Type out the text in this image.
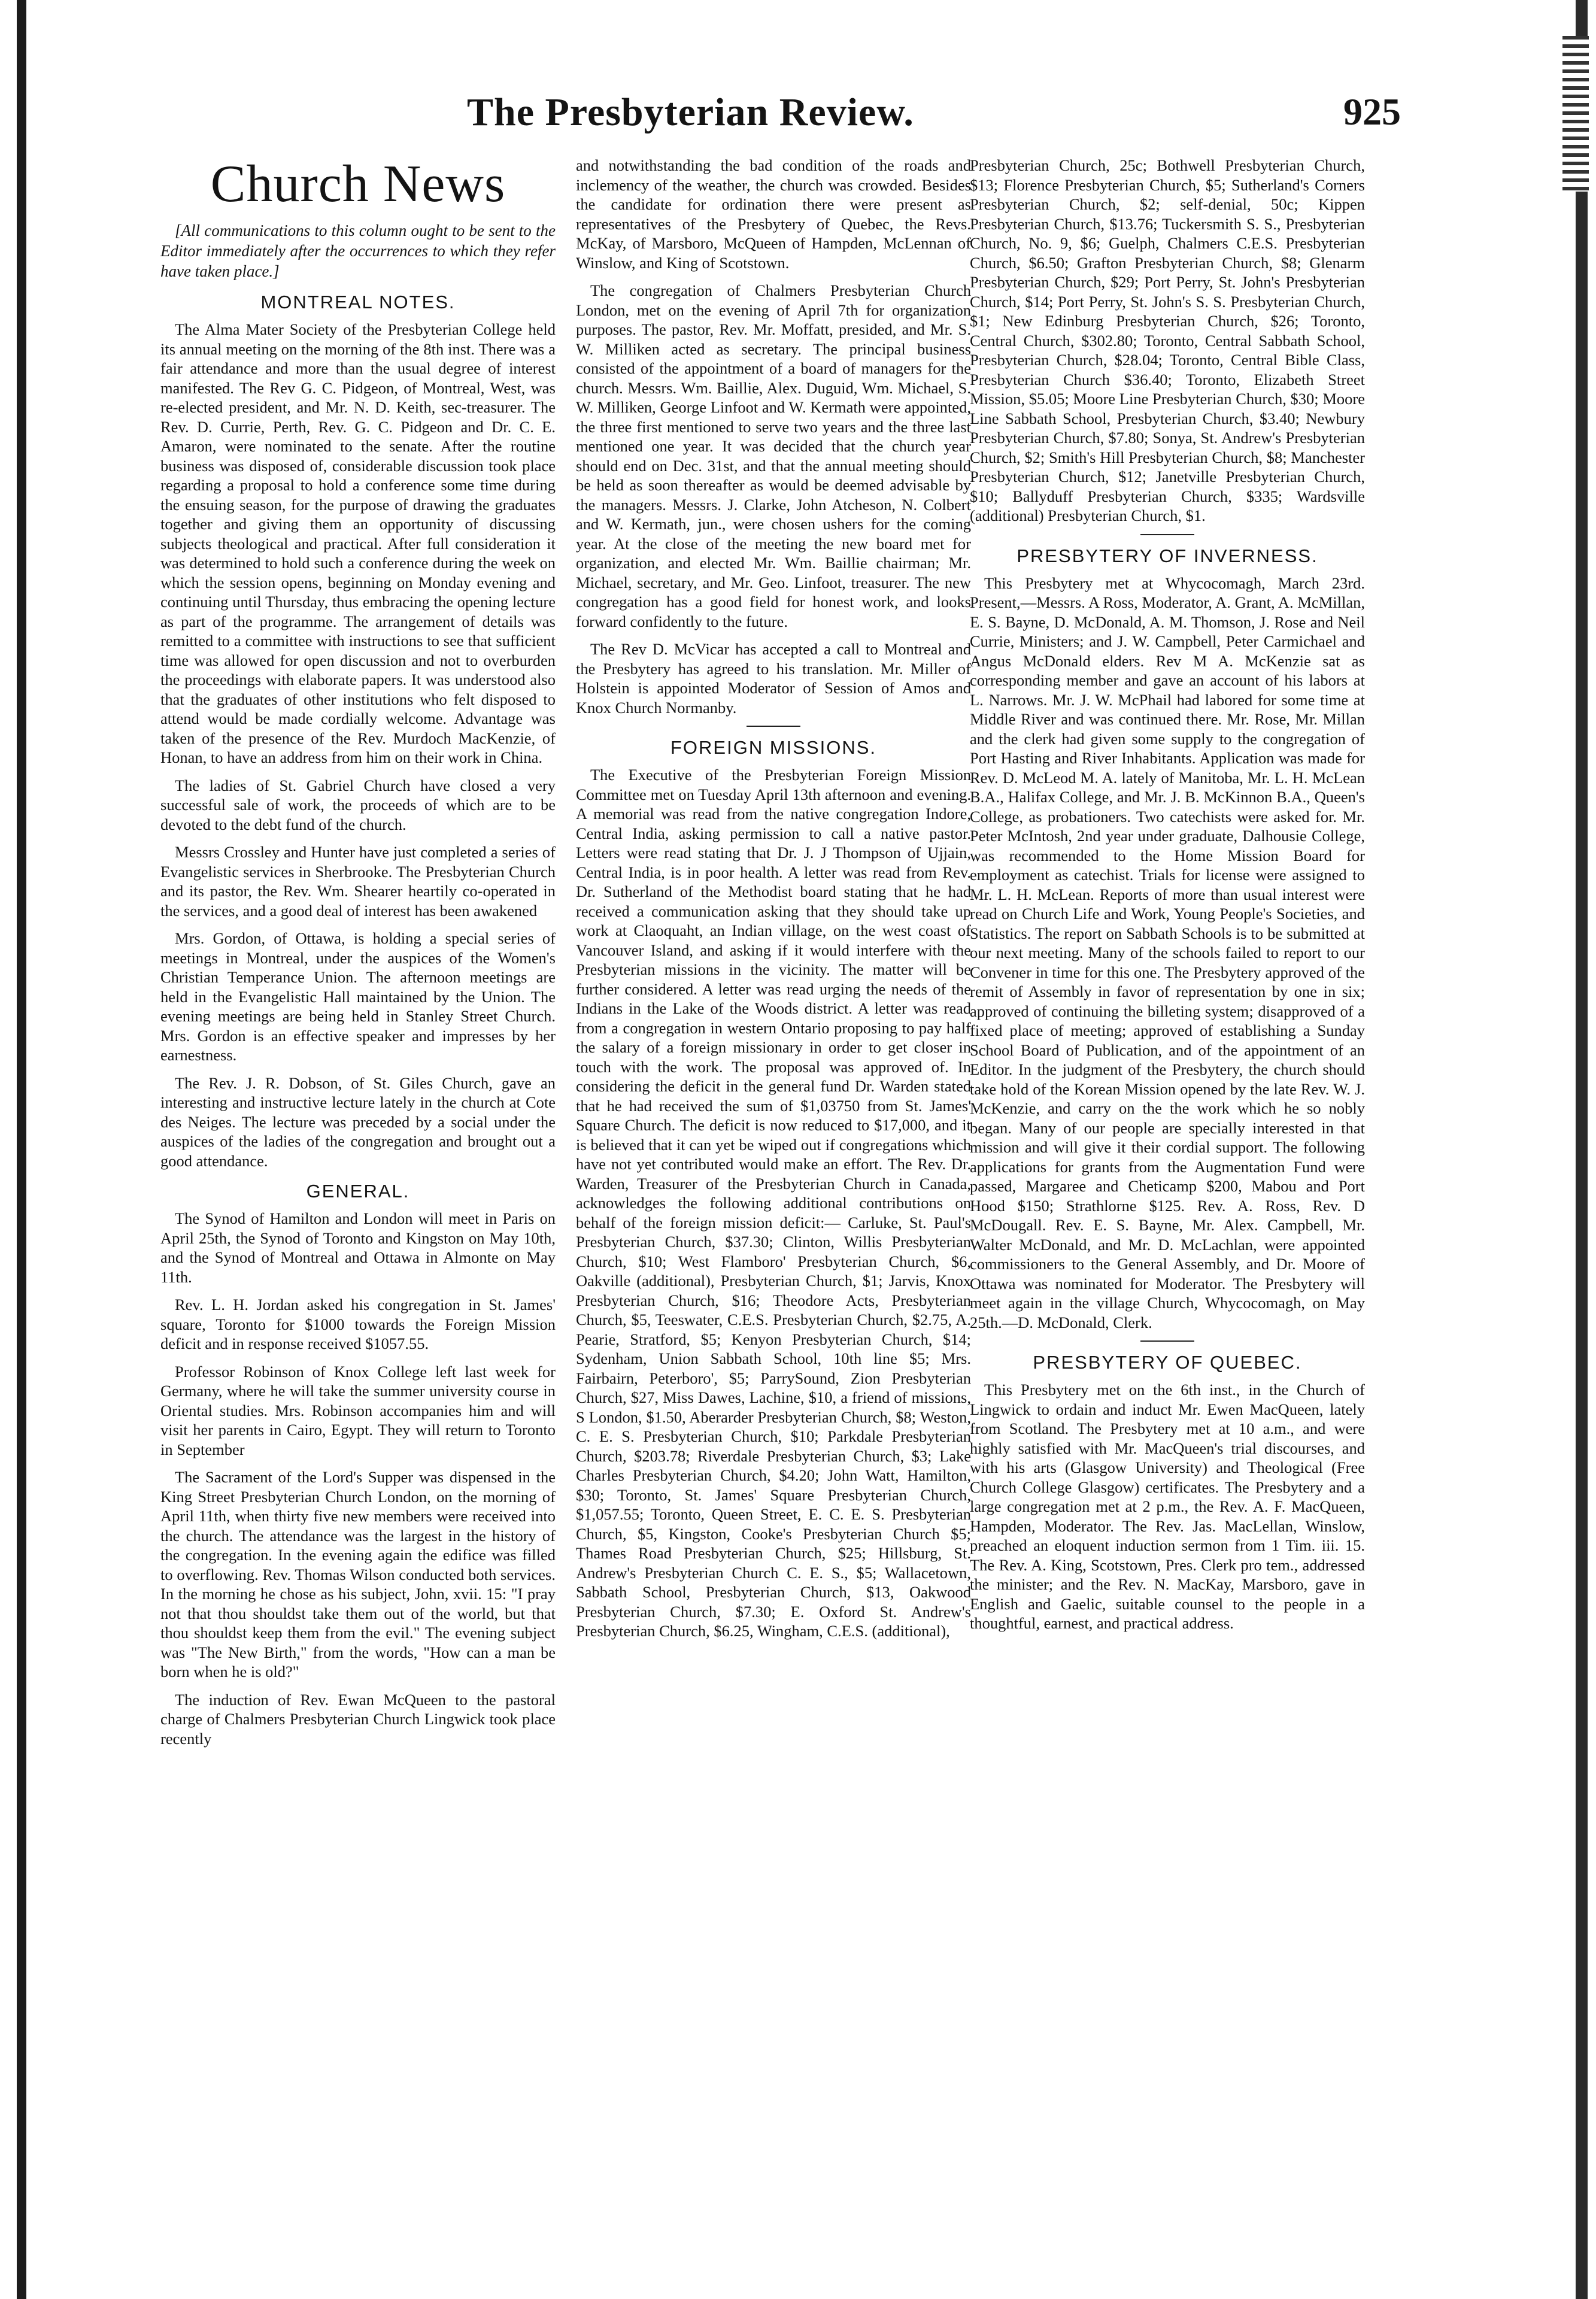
The Presbyterian Review.	925
Church News

[All communications to this column ought to be sent to the Editor immediately after the occurrences to which they refer have taken place.]

MONTREAL NOTES.

The Alma Mater Society of the Presbyterian College held its annual meeting on the morning of the 8th inst. There was a fair attendance and more than the usual degree of interest manifested. The Rev G. C. Pidgeon, of Montreal, West, was re-elected president, and Mr. N. D. Keith, sec-treasurer. The Rev. D. Currie, Perth, Rev. G. C. Pidgeon and Dr. C. E. Amaron, were nominated to the senate. After the routine business was disposed of, considerable discussion took place regarding a proposal to hold a conference some time during the ensuing season, for the purpose of drawing the graduates together and giving them an opportunity of discussing subjects theological and practical. After full consideration it was determined to hold such a conference during the week on which the session opens, beginning on Monday evening and continuing until Thursday, thus embracing the opening lecture as part of the programme. The arrangement of details was remitted to a committee with instructions to see that sufficient time was allowed for open discussion and not to overburden the proceedings with elaborate papers. It was understood also that the graduates of other institutions who felt disposed to attend would be made cordially welcome. Advantage was taken of the presence of the Rev. Murdoch MacKenzie, of Honan, to have an address from him on their work in China.

The ladies of St. Gabriel Church have closed a very successful sale of work, the proceeds of which are to be devoted to the debt fund of the church.

Messrs Crossley and Hunter have just completed a series of Evangelistic services in Sherbrooke. The Presbyterian Church and its pastor, the Rev. Wm. Shearer heartily co-operated in the services, and a good deal of interest has been awakened

Mrs. Gordon, of Ottawa, is holding a special series of meetings in Montreal, under the auspices of the Women's Christian Temperance Union. The afternoon meetings are held in the Evangelistic Hall maintained by the Union. The evening meetings are being held in Stanley Street Church. Mrs. Gordon is an effective speaker and impresses by her earnestness.

The Rev. J. R. Dobson, of St. Giles Church, gave an interesting and instructive lecture lately in the church at Cote des Neiges. The lecture was preceded by a social under the auspices of the ladies of the congregation and brought out a good attendance.

GENERAL.

The Synod of Hamilton and London will meet in Paris on April 25th, the Synod of Toronto and Kingston on May 10th, and the Synod of Montreal and Ottawa in Almonte on May 11th.

Rev. L. H. Jordan asked his congregation in St. James' square, Toronto for $1000 towards the Foreign Mission deficit and in response received $1057.55.

Professor Robinson of Knox College left last week for Germany, where he will take the summer university course in Oriental studies. Mrs. Robinson accompanies him and will visit her parents in Cairo, Egypt. They will return to Toronto in September

The Sacrament of the Lord's Supper was dispensed in the King Street Presbyterian Church London, on the morning of April 11th, when thirty five new members were received into the church. The attendance was the largest in the history of the congregation. In the evening again the edifice was filled to overflowing. Rev. Thomas Wilson conducted both services. In the morning he chose as his subject, John, xvii. 15: "I pray not that thou shouldst take them out of the world, but that thou shouldst keep them from the evil." The evening subject was "The New Birth," from the words, "How can a man be born when he is old?"

The induction of Rev. Ewan McQueen to the pastoral charge of Chalmers Presbyterian Church Lingwick took place recently

and notwithstanding the bad condition of the roads and inclemency of the weather, the church was crowded. Besides the candidate for ordination there were present as representatives of the Presbytery of Quebec, the Revs. McKay, of Marsboro, McQueen of Hampden, McLennan of Winslow, and King of Scotstown.

The congregation of Chalmers Presbyterian Church London, met on the evening of April 7th for organization purposes. The pastor, Rev. Mr. Moffatt, presided, and Mr. S. W. Milliken acted as secretary. The principal business consisted of the appointment of a board of managers for the church. Messrs. Wm. Baillie, Alex. Duguid, Wm. Michael, S. W. Milliken, George Linfoot and W. Kermath were appointed, the three first mentioned to serve two years and the three last mentioned one year. It was decided that the church year should end on Dec. 31st, and that the annual meeting should be held as soon thereafter as would be deemed advisable by the managers. Messrs. J. Clarke, John Atcheson, N. Colbert and W. Kermath, jun., were chosen ushers for the coming year. At the close of the meeting the new board met for organization, and elected Mr. Wm. Baillie chairman; Mr. Michael, secretary, and Mr. Geo. Linfoot, treasurer. The new congregation has a good field for honest work, and looks forward confidently to the future.

The Rev D. McVicar has accepted a call to Montreal and the Presbytery has agreed to his translation. Mr. Miller of Holstein is appointed Moderator of Session of Amos and Knox Church Normanby.

FOREIGN MISSIONS.

The Executive of the Presbyterian Foreign Mission Committee met on Tuesday April 13th afternoon and evening. A memorial was read from the native congregation Indore, Central India, asking permission to call a native pastor. Letters were read stating that Dr. J. J Thompson of Ujjain, Central India, is in poor health. A letter was read from Rev. Dr. Sutherland of the Methodist board stating that he had received a communication asking that they should take up work at Claoquaht, an Indian village, on the west coast of Vancouver Island, and asking if it would interfere with the Presbyterian missions in the vicinity. The matter will be further considered. A letter was read urging the needs of the Indians in the Lake of the Woods district. A letter was read from a congregation in western Ontario proposing to pay half the salary of a foreign missionary in order to get closer in touch with the work. The proposal was approved of. In considering the deficit in the general fund Dr. Warden stated that he had received the sum of $1,03750 from St. James' Square Church. The deficit is now reduced to $17,000, and it is believed that it can yet be wiped out if congregations which have not yet contributed would make an effort. The Rev. Dr. Warden, Treasurer of the Presbyterian Church in Canada, acknowledges the following additional contributions on behalf of the foreign mission deficit:— Carluke, St. Paul's Presbyterian Church, $37.30; Clinton, Willis Presbyterian Church, $10; West Flamboro' Presbyterian Church, $6, Oakville (additional), Presbyterian Church, $1; Jarvis, Knox Presbyterian Church, $16; Theodore Acts, Presbyterian Church, $5, Teeswater, C.E.S. Presbyterian Church, $2.75, A. Pearie, Stratford, $5; Kenyon Presbyterian Church, $14; Sydenham, Union Sabbath School, 10th line $5; Mrs. Fairbairn, Peterboro', $5; ParrySound, Zion Presbyterian Church, $27, Miss Dawes, Lachine, $10, a friend of missions, S London, $1.50, Aberarder Presbyterian Church, $8; Weston, C. E. S. Presbyterian Church, $10; Parkdale Presbyterian Church, $203.78; Riverdale Presbyterian Church, $3; Lake Charles Presbyterian Church, $4.20; John Watt, Hamilton, $30; Toronto, St. James' Square Presbyterian Church, $1,057.55; Toronto, Queen Street, E. C. E. S. Presbyterian Church, $5, Kingston, Cooke's Presbyterian Church $5; Thames Road Presbyterian Church, $25; Hillsburg, St. Andrew's Presbyterian Church C. E. S., $5; Wallacetown, Sabbath School, Presbyterian Church, $13, Oakwood Presbyterian Church, $7.30; E. Oxford St. Andrew's Presbyterian Church, $6.25, Wingham, C.E.S. (additional),

Presbyterian Church, 25c; Bothwell Presbyterian Church, $13; Florence Presbyterian Church, $5; Sutherland's Corners Presbyterian Church, $2; self-denial, 50c; Kippen Presbyterian Church, $13.76; Tuckersmith S. S., Presbyterian Church, No. 9, $6; Guelph, Chalmers C.E.S. Presbyterian Church, $6.50; Grafton Presbyterian Church, $8; Glenarm Presbyterian Church, $29; Port Perry, St. John's Presbyterian Church, $14; Port Perry, St. John's S. S. Presbyterian Church, $1; New Edinburg Presbyterian Church, $26; Toronto, Central Church, $302.80; Toronto, Central Sabbath School, Presbyterian Church, $28.04; Toronto, Central Bible Class, Presbyterian Church $36.40; Toronto, Elizabeth Street Mission, $5.05; Moore Line Presbyterian Church, $30; Moore Line Sabbath School, Presbyterian Church, $3.40; Newbury Presbyterian Church, $7.80; Sonya, St. Andrew's Presbyterian Church, $2; Smith's Hill Presbyterian Church, $8; Manchester Presbyterian Church, $12; Janetville Presbyterian Church, $10; Ballyduff Presbyterian Church, $335; Wardsville (additional) Presbyterian Church, $1.

PRESBYTERY OF INVERNESS.

This Presbytery met at Whycocomagh, March 23rd. Present,—Messrs. A Ross, Moderator, A. Grant, A. McMillan, E. S. Bayne, D. McDonald, A. M. Thomson, J. Rose and Neil Currie, Ministers; and J. W. Campbell, Peter Carmichael and Angus McDonald elders. Rev M A. McKenzie sat as corresponding member and gave an account of his labors at L. Narrows. Mr. J. W. McPhail had labored for some time at Middle River and was continued there. Mr. Rose, Mr. Millan and the clerk had given some supply to the congregation of Port Hasting and River Inhabitants. Application was made for Rev. D. McLeod M. A. lately of Manitoba, Mr. L. H. McLean B.A., Halifax College, and Mr. J. B. McKinnon B.A., Queen's College, as probationers. Two catechists were asked for. Mr. Peter McIntosh, 2nd year under graduate, Dalhousie College, was recommended to the Home Mission Board for employment as catechist. Trials for license were assigned to Mr. L. H. McLean. Reports of more than usual interest were read on Church Life and Work, Young People's Societies, and Statistics. The report on Sabbath Schools is to be submitted at our next meeting. Many of the schools failed to report to our Convener in time for this one. The Presbytery approved of the remit of Assembly in favor of representation by one in six; approved of continuing the billeting system; disapproved of a fixed place of meeting; approved of establishing a Sunday School Board of Publication, and of the appointment of an Editor. In the judgment of the Presbytery, the church should take hold of the Korean Mission opened by the late Rev. W. J. McKenzie, and carry on the the work which he so nobly began. Many of our people are specially interested in that mission and will give it their cordial support. The following applications for grants from the Augmentation Fund were passed, Margaree and Cheticamp $200, Mabou and Port Hood $150; Strathlorne $125. Rev. A. Ross, Rev. D McDougall. Rev. E. S. Bayne, Mr. Alex. Campbell, Mr. Walter McDonald, and Mr. D. McLachlan, were appointed commissioners to the General Assembly, and Dr. Moore of Ottawa was nominated for Moderator. The Presbytery will meet again in the village Church, Whycocomagh, on May 25th.—D. McDonald, Clerk.

PRESBYTERY OF QUEBEC.

This Presbytery met on the 6th inst., in the Church of Lingwick to ordain and induct Mr. Ewen MacQueen, lately from Scotland. The Presbytery met at 10 a.m., and were highly satisfied with Mr. MacQueen's trial discourses, and with his arts (Glasgow University) and Theological (Free Church College Glasgow) certificates. The Presbytery and a large congregation met at 2 p.m., the Rev. A. F. MacQueen, Hampden, Moderator. The Rev. Jas. MacLellan, Winslow, preached an eloquent induction sermon from 1 Tim. iii. 15. The Rev. A. King, Scotstown, Pres. Clerk pro tem., addressed the minister; and the Rev. N. MacKay, Marsboro, gave in English and Gaelic, suitable counsel to the people in a thoughtful, earnest, and practical address.
